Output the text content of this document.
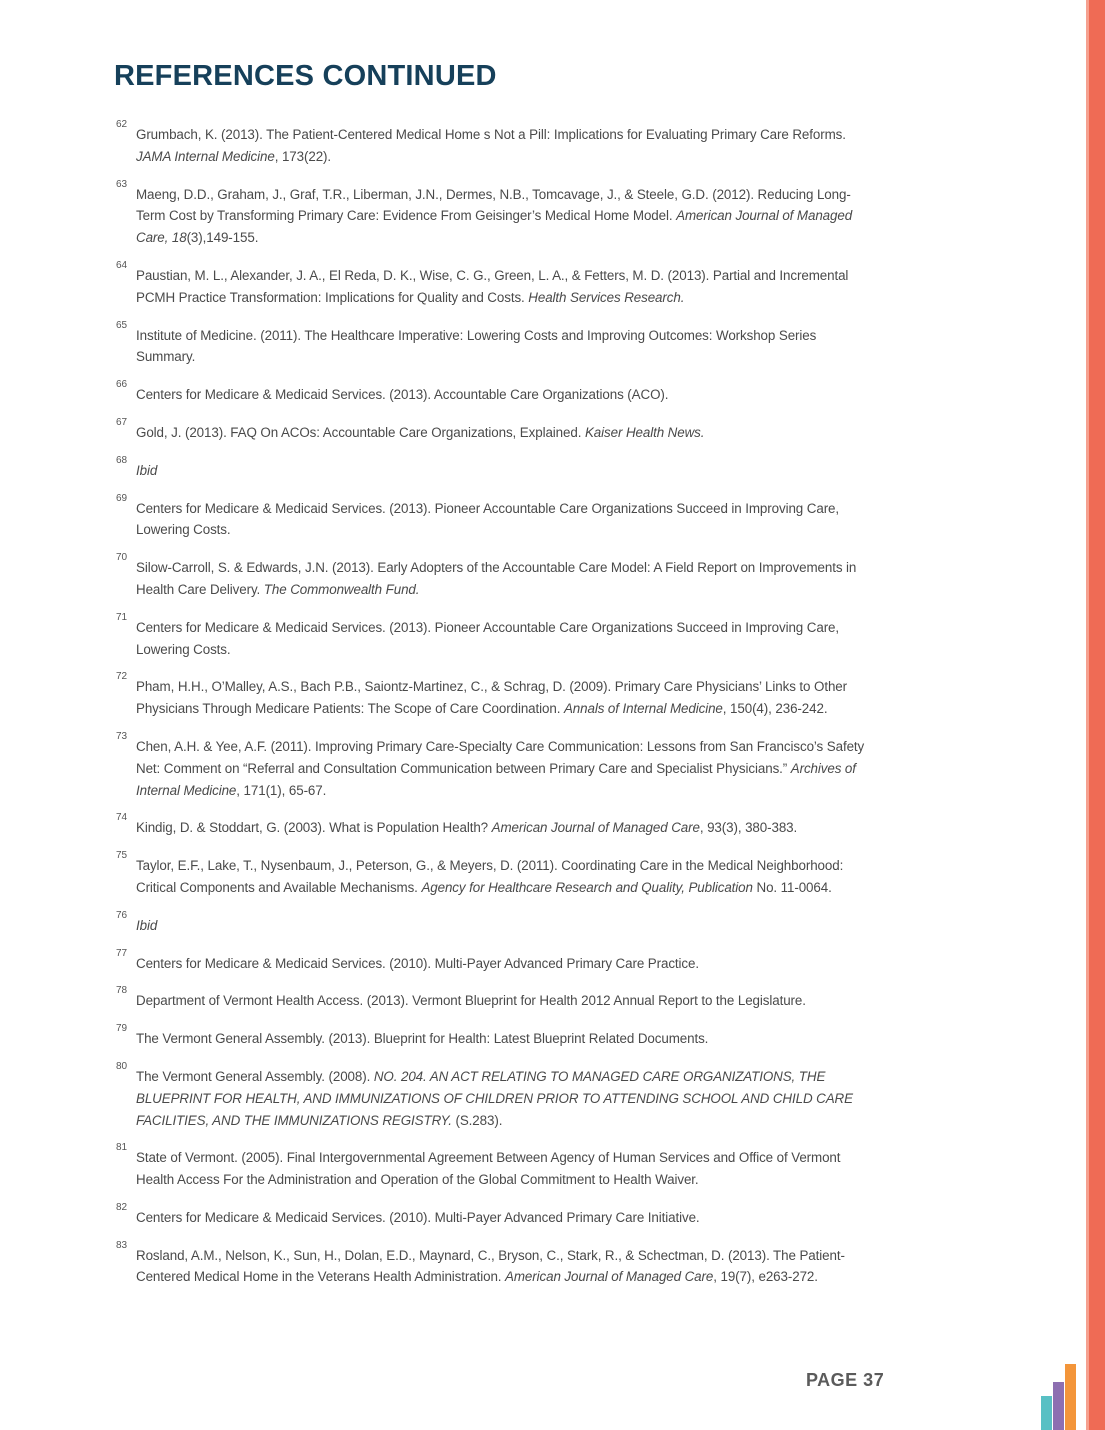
REFERENCES CONTINUED
62
Grumbach, K. (2013). The Patient-Centered Medical Home s Not a Pill: Implications for Evaluating Primary Care Reforms. JAMA Internal Medicine, 173(22).
63
Maeng, D.D., Graham, J., Graf, T.R., Liberman, J.N., Dermes, N.B., Tomcavage, J., & Steele, G.D. (2012). Reducing Long-Term Cost by Transforming Primary Care: Evidence From Geisinger’s Medical Home Model. American Journal of Managed Care, 18(3),149-155.
64
Paustian, M. L., Alexander, J. A., El Reda, D. K., Wise, C. G., Green, L. A., & Fetters, M. D. (2013). Partial and Incremental PCMH Practice Transformation: Implications for Quality and Costs. Health Services Research.
65
Institute of Medicine. (2011). The Healthcare Imperative: Lowering Costs and Improving Outcomes: Workshop Series Summary.
66
Centers for Medicare & Medicaid Services. (2013). Accountable Care Organizations (ACO).
67
Gold, J. (2013). FAQ On ACOs: Accountable Care Organizations, Explained. Kaiser Health News.
68
Ibid
69
Centers for Medicare & Medicaid Services. (2013). Pioneer Accountable Care Organizations Succeed in Improving Care, Lowering Costs.
70
Silow-Carroll, S. & Edwards, J.N. (2013). Early Adopters of the Accountable Care Model: A Field Report on Improvements in Health Care Delivery. The Commonwealth Fund.
71
Centers for Medicare & Medicaid Services. (2013). Pioneer Accountable Care Organizations Succeed in Improving Care, Lowering Costs.
72
Pham, H.H., O’Malley, A.S., Bach P.B., Saiontz-Martinez, C., & Schrag, D. (2009). Primary Care Physicians’ Links to Other Physicians Through Medicare Patients: The Scope of Care Coordination. Annals of Internal Medicine, 150(4), 236-242.
73
Chen, A.H. & Yee, A.F. (2011). Improving Primary Care-Specialty Care Communication: Lessons from San Francisco’s Safety Net: Comment on “Referral and Consultation Communication between Primary Care and Specialist Physicians.” Archives of Internal Medicine, 171(1), 65-67.
74
Kindig, D. & Stoddart, G. (2003). What is Population Health? American Journal of Managed Care, 93(3), 380-383.
75
Taylor, E.F., Lake, T., Nysenbaum, J., Peterson, G., & Meyers, D. (2011). Coordinating Care in the Medical Neighborhood: Critical Components and Available Mechanisms. Agency for Healthcare Research and Quality, Publication No. 11-0064.
76
Ibid
77
Centers for Medicare & Medicaid Services. (2010). Multi-Payer Advanced Primary Care Practice.
78
Department of Vermont Health Access. (2013). Vermont Blueprint for Health 2012 Annual Report to the Legislature.
79
The Vermont General Assembly. (2013). Blueprint for Health: Latest Blueprint Related Documents.
80
The Vermont General Assembly. (2008). NO. 204. AN ACT RELATING TO MANAGED CARE ORGANIZATIONS, THE BLUEPRINT FOR HEALTH, AND IMMUNIZATIONS OF CHILDREN PRIOR TO ATTENDING SCHOOL AND CHILD CARE FACILITIES, AND THE IMMUNIZATIONS REGISTRY. (S.283).
81
State of Vermont. (2005). Final Intergovernmental Agreement Between Agency of Human Services and Office of Vermont Health Access For the Administration and Operation of the Global Commitment to Health Waiver.
82
Centers for Medicare & Medicaid Services. (2010). Multi-Payer Advanced Primary Care Initiative.
83
Rosland, A.M., Nelson, K., Sun, H., Dolan, E.D., Maynard, C., Bryson, C., Stark, R., & Schectman, D. (2013). The Patient-Centered Medical Home in the Veterans Health Administration. American Journal of Managed Care, 19(7), e263-272.
PAGE 37
